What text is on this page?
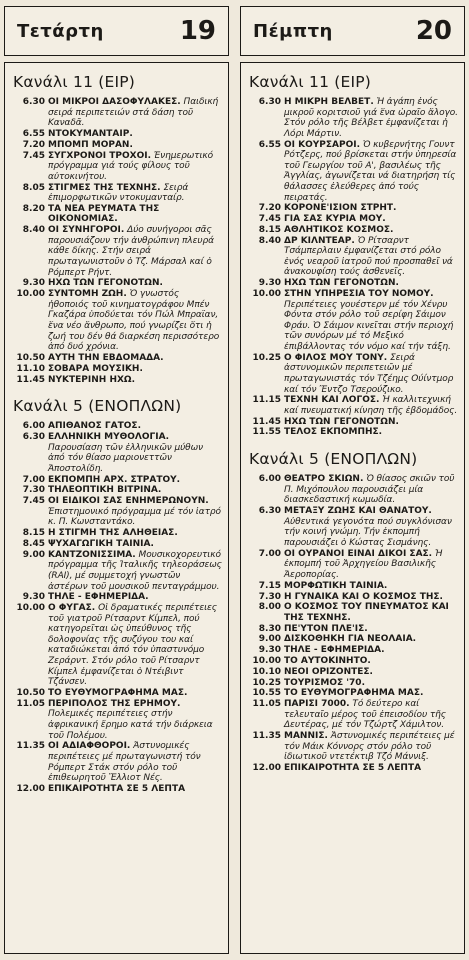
Τετάρτη	19
Κανάλι 11 (ΕΙΡ)
6.30 ΟΙ ΜΙΚΡΟΙ ΔΑΣΟΦΥΛΑΚΕΣ. Παιδική σειρά περιπετειών στά δάση τοῦ Καναδᾶ.
6.55 ΝΤΟΚΥΜΑΝΤΑΙΡ.
7.20 ΜΠΟΜΠ ΜΟΡΑΝ.
7.45 ΣΥΓΧΡΟΝΟΙ ΤΡΟΧΟΙ. Ἐνημερωτικό πρόγραμμα γιά τούς φίλους τοῦ αὐτοκινήτου.
8.05 ΣΤΙΓΜΕΣ ΤΗΣ ΤΕΧΝΗΣ. Σειρά ἐπιμορφωτικῶν ντοκυμανταίρ.
8.20 ΤΑ ΝΕΑ ΡΕΥΜΑΤΑ ΤΗΣ ΟΙΚΟΝΟΜΙΑΣ.
8.40 ΟΙ ΣΥΝΗΓΟΡΟΙ. Δύο συνήγοροι σᾶς παρουσιάζουν τήν ἀνθρώπινη πλευρά κάθε δίκης. Στήν σειρά πρωταγωνιστοῦν ὁ Τζ. Μάρσαλ καί ὁ Ρόμπερτ Ρήντ.
9.30 ΗΧΩ ΤΩΝ ΓΕΓΟΝΟΤΩΝ.
10.00 ΣΥΝΤΟΜΗ ΖΩΗ. Ὁ γνωστός ἠθοποιός τοῦ κινηματογράφου Μπέν Γκαζάρα ὑποδύεται τόν Πώλ Μπραϊαν, ἕνα νέο ἄνθρωπο, πού γνωρίζει ὅτι ἡ ζωή του δέν θά διαρκέση περισσότερο ἀπό δυό χρόνια.
10.50 ΑΥΤΗ ΤΗΝ ΕΒΔΟΜΑΔΑ.
11.10 ΣΟΒΑΡΑ ΜΟΥΣΙΚΗ.
11.45 ΝΥΚΤΕΡΙΝΗ ΗΧΩ.
Κανάλι 5 (ΕΝΟΠΛΩΝ)
6.00 ΑΠΙΘΑΝΟΣ ΓΑΤΟΣ.
6.30 ΕΛΛΗΝΙΚΗ ΜΥΘΟΛΟΓΙΑ. Παρουσίαση τῶν ἑλληνικῶν μύθων ἀπό τόν θίασο μαριονεττῶν Ἀποστολίδη.
7.00 ΕΚΠΟΜΠΗ ΑΡΧ. ΣΤΡΑΤΟΥ.
7.30 ΤΗΛΕΟΠΤΙΚΗ ΒΙΤΡΙΝΑ.
7.45 ΟΙ ΕΙΔΙΚΟΙ ΣΑΣ ΕΝΗΜΕΡΩΝΟΥΝ. Ἐπιστημονικό πρόγραμμα μέ τόν ἰατρό κ. Π. Κωνσταντάκο.
8.15 Η ΣΤΙΓΜΗ ΤΗΣ ΑΛΗΘΕΙΑΣ.
8.45 ΨΥΧΑΓΩΓΙΚΗ ΤΑΙΝΙΑ.
9.00 ΚΑΝΤΖΟΝΙΣΣΙΜΑ. Μουσικοχορευτικό πρόγραμμα τῆς Ἰταλικῆς τηλεοράσεως (RAI), μέ συμμετοχή γνωστῶν ἀστέρων τοῦ μουσικοῦ πενταγράμμου.
9.30 ΤΗΛΕ - ΕΦΗΜΕΡΙΔΑ.
10.00 Ο ΦΥΓΑΣ. Οἱ δραματικές περιπέτειες τοῦ γιατροῦ Ρίτσαρντ Κίμπελ, πού κατηγορεῖται ὡς ὑπεύθυνος τῆς δολοφονίας τῆς συζύγου του καί καταδιώκεται ἀπό τόν ὑπαστυνόμο Ζεράρντ. Στόν ρόλο τοῦ Ρίτσαρντ Κίμπελ ἐμφανίζεται ὁ Ντέιβιντ Τζάνσεν.
10.50 ΤΟ ΕΥΘΥΜΟΓΡΑΦΗΜΑ ΜΑΣ.
11.05 ΠΕΡΙΠΟΛΟΣ ΤΗΣ ΕΡΗΜΟΥ. Πολεμικές περιπέτειες στήν ἀφρικανική ἔρημο κατά τήν διάρκεια τοῦ Πολέμου.
11.35 ΟΙ ΑΔΙΑΦΘΟΡΟΙ. Ἀστυνομικές περιπέτειες μέ πρωταγωνιστή τόν Ρόμπερτ Στάκ στόν ρόλο τοῦ ἐπιθεωρητοῦ Ἔλλιοτ Νές.
12.00 ΕΠΙΚΑΙΡΟΤΗΤΑ ΣΕ 5 ΛΕΠΤΑ
Πέμπτη	20
Κανάλι 11 (ΕΙΡ)
6.30 Η ΜΙΚΡΗ ΒΕΛΒΕΤ. Ἡ ἀγάπη ἑνός μικροῦ κοριτσιοῦ γιά ἕνα ὡραῖο ἄλογο. Στόν ρόλο τῆς Βέλβετ ἐμφανίζεται ἡ Λόρι Μάρτιν.
6.55 ΟΙ ΚΟΥΡΣΑΡΟΙ. Ὁ κυβερνήτης Γουντ Ρότζερς, πού βρίσκεται στήν ὑπηρεσία τοῦ Γεωργίου τοῦ Α', βασιλέως τῆς Ἀγγλίας, ἀγωνίζεται νά διατηρήση τίς θάλασσες ἐλεύθερες ἀπό τούς πειρατάς.
7.20 ΚΟΡΟΝΕ'ΙΣΙΟΝ ΣΤΡΗΤ.
7.45 ΓΙΑ ΣΑΣ ΚΥΡΙΑ ΜΟΥ.
8.15 ΑΘΛΗΤΙΚΟΣ ΚΟΣΜΟΣ.
8.40 ΔΡ ΚΙΛΝΤΕΑΡ. Ὁ Ρίτσαρντ Τσάμπερλαιν ἐμφανίζεται στό ρόλο ἑνός νεαροῦ ἰατροῦ πού προσπαθεῖ νά ἀνακουφίση τούς ἀσθενεῖς.
9.30 ΗΧΩ ΤΩΝ ΓΕΓΟΝΟΤΩΝ.
10.00 ΣΤΗΝ ΥΠΗΡΕΣΙΑ ΤΟΥ ΝΟΜΟΥ. Περιπέτειες γουέστερν μέ τόν Χένρυ Φόντα στόν ρόλο τοῦ σερίφη Σάιμον Φράυ. Ὁ Σάιμον κινεῖται στήν περιοχή τῶν συνόρων μέ τό Μεξικό ἐπιβάλλοντας τόν νόμο καί τήν τάξη.
10.25 Ο ΦΙΛΟΣ ΜΟΥ ΤΟΝΥ. Σειρά ἀστυνομικῶν περιπετειῶν μέ πρωταγωνιστάς τόν Τζέημς Ούίντμορ καί τόν Ἔντζο Τσερούζικο.
11.15 ΤΕΧΝΗ ΚΑΙ ΛΟΓΟΣ. Ἡ καλλιτεχνική καί πνευματική κίνηση τῆς ἑβδομάδος.
11.45 ΗΧΩ ΤΩΝ ΓΕΓΟΝΟΤΩΝ.
11.55 ΤΕΛΟΣ ΕΚΠΟΜΠΗΣ.
Κανάλι 5 (ΕΝΟΠΛΩΝ)
6.00 ΘΕΑΤΡΟ ΣΚΙΩΝ. Ὁ θίασος σκιῶν τοῦ Π. Μιχόπουλου παρουσιάζει μία διασκεδαστική κωμωδία.
6.30 ΜΕΤΑΞΥ ΖΩΗΣ ΚΑΙ ΘΑΝΑΤΟΥ. Αὐθεντικά γεγονότα πού συγκλόνισαν τήν κοινή γνώμη. Τήν ἐκπομπή παρουσιάζει ὁ Κώστας Σισμάνης.
7.00 ΟΙ ΟΥΡΑΝΟΙ ΕΙΝΑΙ ΔΙΚΟΙ ΣΑΣ. Ἡ ἐκπομπή τοῦ Ἀρχηγείου Βασιλικῆς Ἀεροπορίας.
7.15 ΜΟΡΦΩΤΙΚΗ ΤΑΙΝΙΑ.
7.30 Η ΓΥΝΑΙΚΑ ΚΑΙ Ο ΚΟΣΜΟΣ ΤΗΣ.
8.00 Ο ΚΟΣΜΟΣ ΤΟΥ ΠΝΕΥΜΑΤΟΣ ΚΑΙ ΤΗΣ ΤΕΧΝΗΣ.
8.30 ΠΕ'ΥΤΟΝ ΠΛΕ'ΙΣ.
9.00 ΔΙΣΚΟΘΗΚΗ ΓΙΑ ΝΕΟΛΑΙΑ.
9.30 ΤΗΛΕ - ΕΦΗΜΕΡΙΔΑ.
10.00 ΤΟ ΑΥΤΟΚΙΝΗΤΟ.
10.10 ΝΕΟΙ ΟΡΙΖΟΝΤΕΣ.
10.25 ΤΟΥΡΙΣΜΟΣ '70.
10.55 ΤΟ ΕΥΘΥΜΟΓΡΑΦΗΜΑ ΜΑΣ.
11.05 ΠΑΡΙΣΙ 7000. Τό δεύτερο καί τελευταῖο μέρος τοῦ ἐπεισοδίου τῆς Δευτέρας, μέ τόν Τζώρτζ Χάμιλτον.
11.35 ΜΑΝΝΙΣ. Ἀστυνομικές περιπέτειες μέ τόν Μάικ Κόννορς στόν ρόλο τοῦ ἰδιωτικοῦ ντετέκτιβ Τζό Μάννιξ.
12.00 ΕΠΙΚΑΙΡΟΤΗΤΑ ΣΕ 5 ΛΕΠΤΑ
